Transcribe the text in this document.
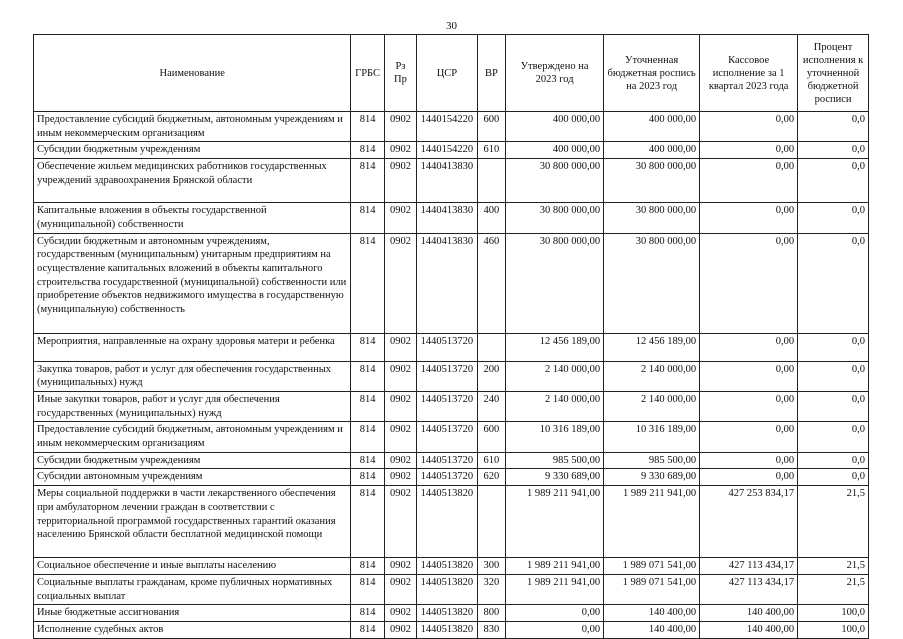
30
Наименование	ГРБС	Рз Пр	ЦСР	ВР	Утверждено на 2023 год	Уточненная бюджетная роспись на 2023 год	Кассовое исполнение за 1 квартал 2023 года	Процент исполнения к уточненной бюджетной росписи
Предоставление субсидий бюджетным, автономным учреждениям и иным некоммерческим организациям	814	0902	1440154220	600	400 000,00	400 000,00	0,00	0,0
Субсидии бюджетным учреждениям	814	0902	1440154220	610	400 000,00	400 000,00	0,00	0,0
Обеспечение жильем медицинских работников государственных учреждений здравоохранения Брянской области	814	0902	1440413830		30 800 000,00	30 800 000,00	0,00	0,0
Капитальные вложения в объекты государственной (муниципальной) собственности	814	0902	1440413830	400	30 800 000,00	30 800 000,00	0,00	0,0
Субсидии бюджетным и автономным учреждениям, государственным (муниципальным) унитарным предприятиям на осуществление капитальных вложений в объекты капитального строительства государственной (муниципальной) собственности или приобретение объектов недвижимого имущества в государственную (муниципальную) собственность	814	0902	1440413830	460	30 800 000,00	30 800 000,00	0,00	0,0
Мероприятия, направленные на охрану здоровья матери и ребенка	814	0902	1440513720		12 456 189,00	12 456 189,00	0,00	0,0
Закупка товаров, работ и услуг для обеспечения государственных (муниципальных) нужд	814	0902	1440513720	200	2 140 000,00	2 140 000,00	0,00	0,0
Иные закупки товаров, работ и услуг для обеспечения государственных (муниципальных) нужд	814	0902	1440513720	240	2 140 000,00	2 140 000,00	0,00	0,0
Предоставление субсидий бюджетным, автономным учреждениям и иным некоммерческим организациям	814	0902	1440513720	600	10 316 189,00	10 316 189,00	0,00	0,0
Субсидии бюджетным учреждениям	814	0902	1440513720	610	985 500,00	985 500,00	0,00	0,0
Субсидии автономным учреждениям	814	0902	1440513720	620	9 330 689,00	9 330 689,00	0,00	0,0
Меры социальной поддержки в части лекарственного обеспечения при амбулаторном лечении граждан в соответствии с территориальной программой государственных гарантий оказания населению Брянской области бесплатной медицинской помощи	814	0902	1440513820		1 989 211 941,00	1 989 211 941,00	427 253 834,17	21,5
Социальное обеспечение и иные выплаты населению	814	0902	1440513820	300	1 989 211 941,00	1 989 071 541,00	427 113 434,17	21,5
Социальные выплаты гражданам, кроме публичных нормативных социальных выплат	814	0902	1440513820	320	1 989 211 941,00	1 989 071 541,00	427 113 434,17	21,5
Иные бюджетные ассигнования	814	0902	1440513820	800	0,00	140 400,00	140 400,00	100,0
Исполнение судебных актов	814	0902	1440513820	830	0,00	140 400,00	140 400,00	100,0
